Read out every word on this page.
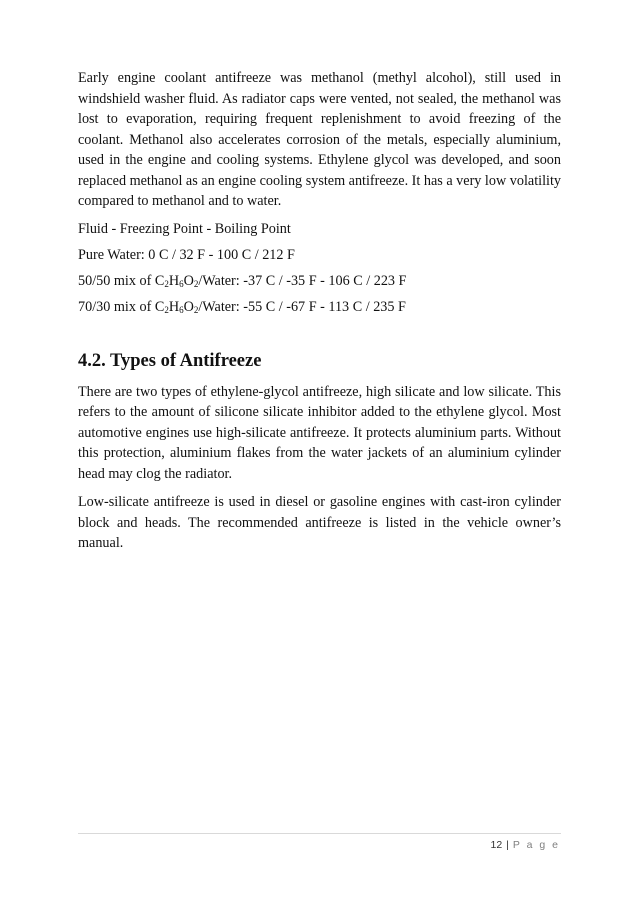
Early engine coolant antifreeze was methanol (methyl alcohol), still used in windshield washer fluid. As radiator caps were vented, not sealed, the methanol was lost to evaporation, requiring frequent replenishment to avoid freezing of the coolant. Methanol also accelerates corrosion of the metals, especially aluminium, used in the engine and cooling systems. Ethylene glycol was developed, and soon replaced methanol as an engine cooling system antifreeze. It has a very low volatility compared to methanol and to water.

Fluid - Freezing Point - Boiling Point

Pure Water: 0 C / 32 F - 100 C / 212 F

50/50 mix of $C_2H_6O_2$/Water: -37 C / -35 F - 106 C / 223 F

70/30 mix of $C_2H_6O_2$/Water: -55 C / -67 F - 113 C / 235 F

4.2. Types of Antifreeze

There are two types of ethylene-glycol antifreeze, high silicate and low silicate. This refers to the amount of silicone silicate inhibitor added to the ethylene glycol. Most automotive engines use high-silicate antifreeze. It protects aluminium parts. Without this protection, aluminium flakes from the water jackets of an aluminium cylinder head may clog the radiator.

Low-silicate antifreeze is used in diesel or gasoline engines with cast-iron cylinder block and heads. The recommended antifreeze is listed in the vehicle owner’s manual.

12 | P a g e
